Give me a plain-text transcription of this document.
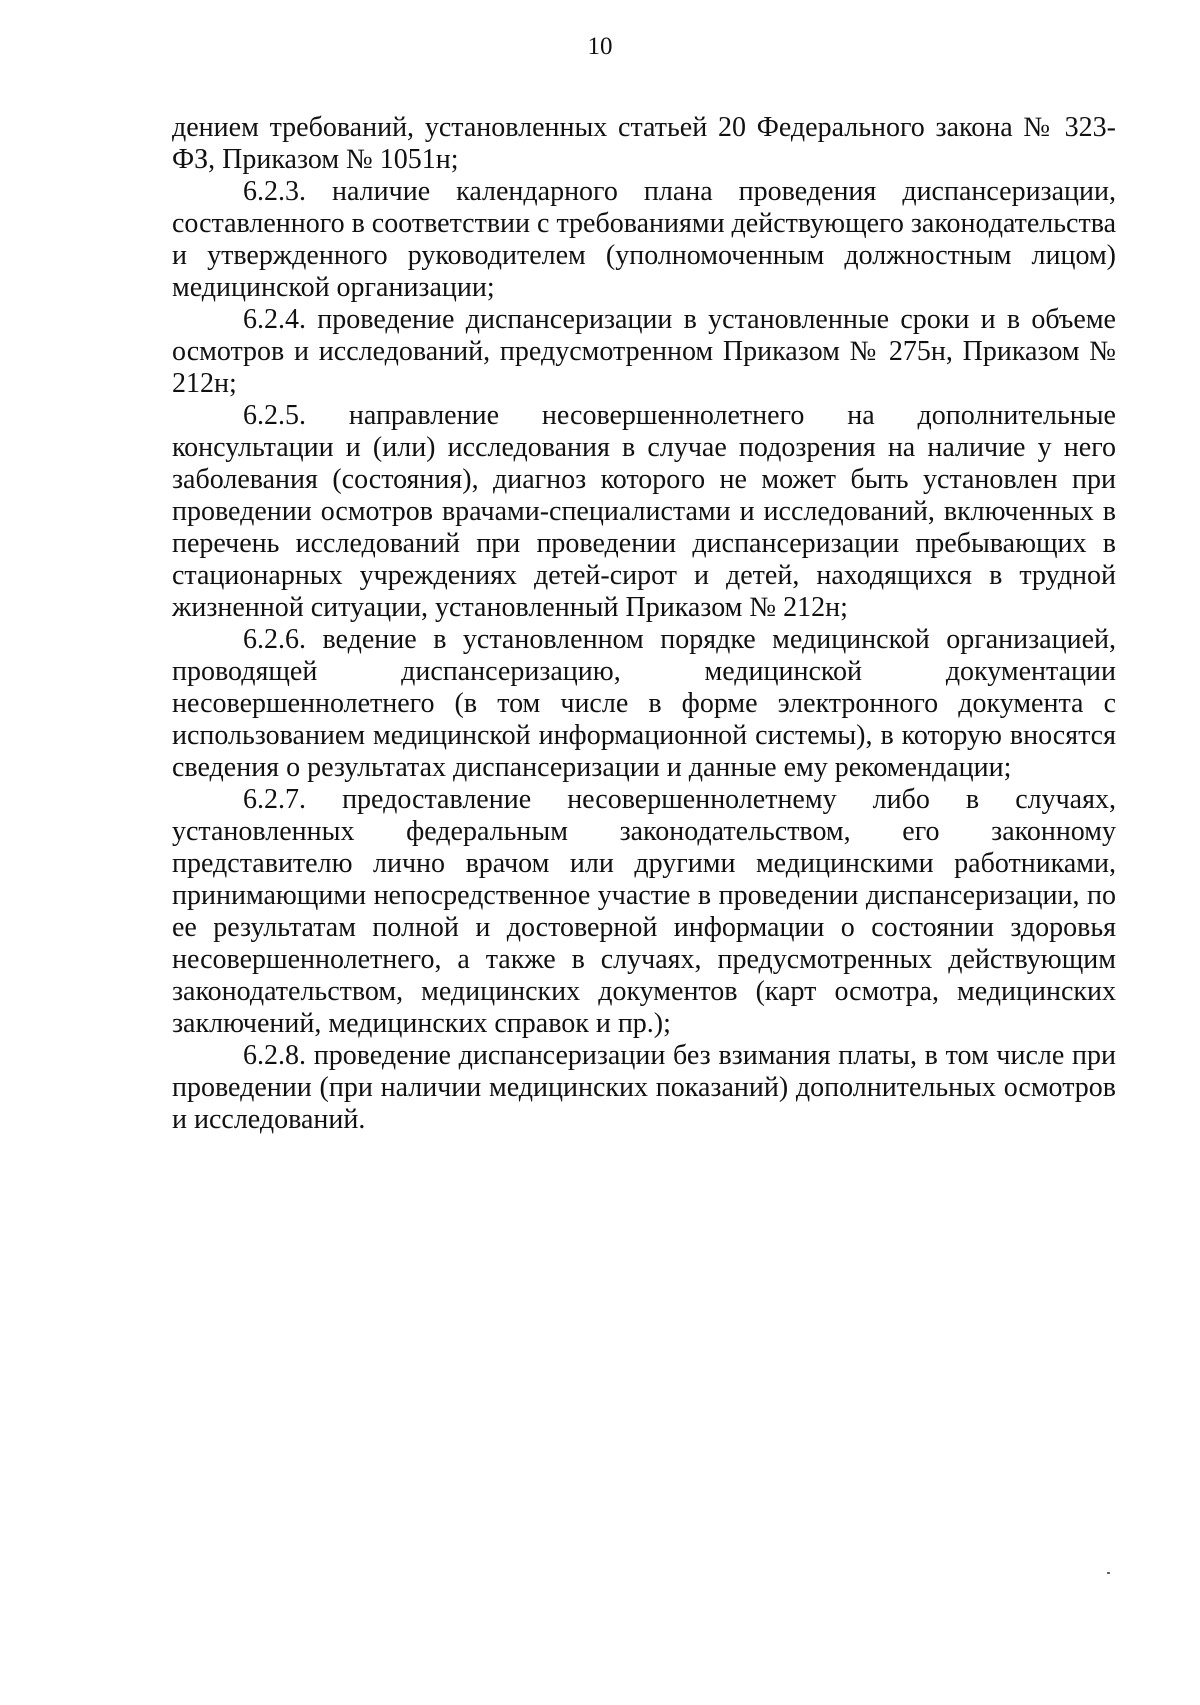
10

дением требований, установленных статьей 20 Федерального закона № 323-ФЗ, Приказом № 1051н;

6.2.3. наличие календарного плана проведения диспансеризации, составленного в соответствии с требованиями действующего законодательства и утвержденного руководителем (уполномоченным должностным лицом) медицинской организации;

6.2.4. проведение диспансеризации в установленные сроки и в объеме осмотров и исследований, предусмотренном Приказом № 275н, Приказом № 212н;

6.2.5. направление несовершеннолетнего на дополнительные консультации и (или) исследования в случае подозрения на наличие у него заболевания (состояния), диагноз которого не может быть установлен при проведении осмотров врачами-специалистами и исследований, включенных в перечень исследований при проведении диспансеризации пребывающих в стационарных учреждениях детей-сирот и детей, находящихся в трудной жизненной ситуации, установленный Приказом № 212н;

6.2.6. ведение в установленном порядке медицинской организацией, проводящей диспансеризацию, медицинской документации несовершеннолетнего (в том числе в форме электронного документа с использованием медицинской информационной системы), в которую вносятся сведения о результатах диспансеризации и данные ему рекомендации;

6.2.7. предоставление несовершеннолетнему либо в случаях, установленных федеральным законодательством, его законному представителю лично врачом или другими медицинскими работниками, принимающими непосредственное участие в проведении диспансеризации, по ее результатам полной и достоверной информации о состоянии здоровья несовершеннолетнего, а также в случаях, предусмотренных действующим законодательством, медицинских документов (карт осмотра, медицинских заключений, медицинских справок и пр.);

6.2.8. проведение диспансеризации без взимания платы, в том числе при проведении (при наличии медицинских показаний) дополнительных осмотров и исследований.
